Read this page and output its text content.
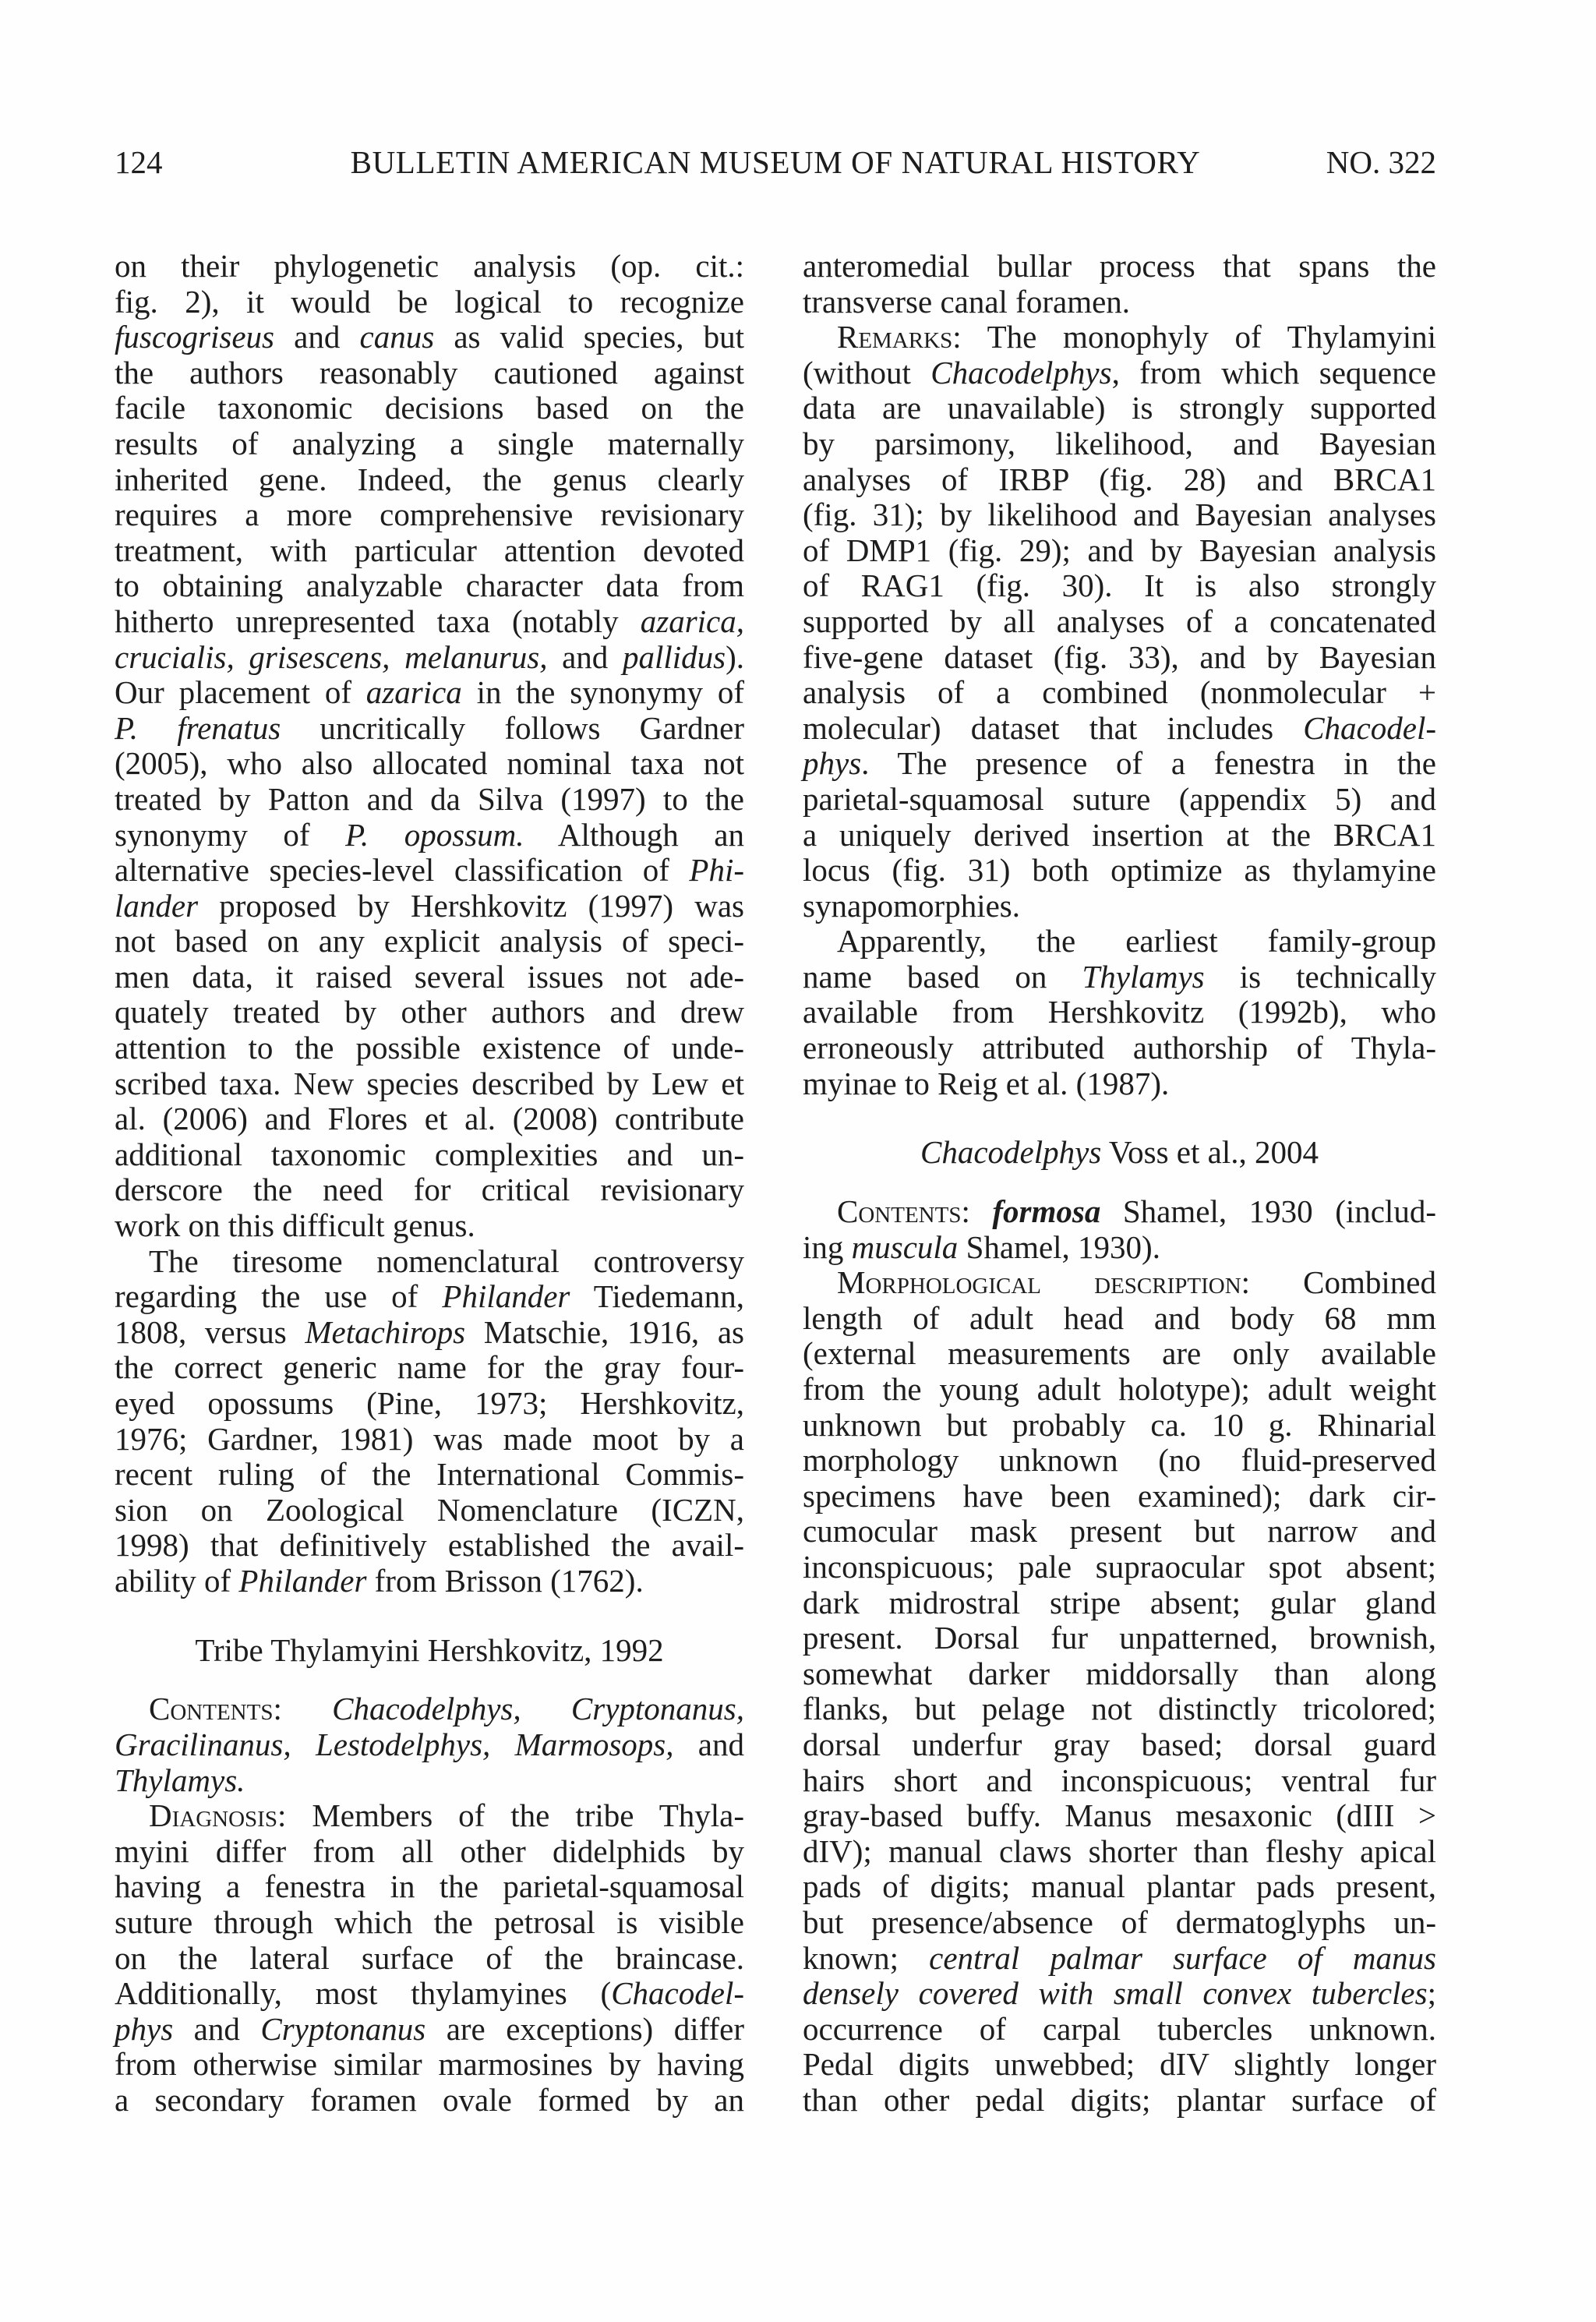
124	BULLETIN AMERICAN MUSEUM OF NATURAL HISTORY	NO. 322
on their phylogenetic analysis (op. cit.:
fig. 2), it would be logical to recognize
fuscogriseus and canus as valid species, but
the authors reasonably cautioned against
facile taxonomic decisions based on the
results of analyzing a single maternally
inherited gene. Indeed, the genus clearly
requires a more comprehensive revisionary
treatment, with particular attention devoted
to obtaining analyzable character data from
hitherto unrepresented taxa (notably azarica,
crucialis, grisescens, melanurus, and pallidus).
Our placement of azarica in the synonymy of
P. frenatus uncritically follows Gardner
(2005), who also allocated nominal taxa not
treated by Patton and da Silva (1997) to the
synonymy of P. opossum. Although an
alternative species-level classification of Phi-
lander proposed by Hershkovitz (1997) was
not based on any explicit analysis of speci-
men data, it raised several issues not ade-
quately treated by other authors and drew
attention to the possible existence of unde-
scribed taxa. New species described by Lew et
al. (2006) and Flores et al. (2008) contribute
additional taxonomic complexities and un-
derscore the need for critical revisionary
work on this difficult genus.
The tiresome nomenclatural controversy
regarding the use of Philander Tiedemann,
1808, versus Metachirops Matschie, 1916, as
the correct generic name for the gray four-
eyed opossums (Pine, 1973; Hershkovitz,
1976; Gardner, 1981) was made moot by a
recent ruling of the International Commis-
sion on Zoological Nomenclature (ICZN,
1998) that definitively established the avail-
ability of Philander from Brisson (1762).
Tribe Thylamyini Hershkovitz, 1992
Contents: Chacodelphys, Cryptonanus,
Gracilinanus, Lestodelphys, Marmosops, and
Thylamys.
Diagnosis: Members of the tribe Thyla-
myini differ from all other didelphids by
having a fenestra in the parietal-squamosal
suture through which the petrosal is visible
on the lateral surface of the braincase.
Additionally, most thylamyines (Chacodel-
phys and Cryptonanus are exceptions) differ
from otherwise similar marmosines by having
a secondary foramen ovale formed by an
anteromedial bullar process that spans the
transverse canal foramen.
Remarks: The monophyly of Thylamyini
(without Chacodelphys, from which sequence
data are unavailable) is strongly supported
by parsimony, likelihood, and Bayesian
analyses of IRBP (fig. 28) and BRCA1
(fig. 31); by likelihood and Bayesian analyses
of DMP1 (fig. 29); and by Bayesian analysis
of RAG1 (fig. 30). It is also strongly
supported by all analyses of a concatenated
five-gene dataset (fig. 33), and by Bayesian
analysis of a combined (nonmolecular +
molecular) dataset that includes Chacodel-
phys. The presence of a fenestra in the
parietal-squamosal suture (appendix 5) and
a uniquely derived insertion at the BRCA1
locus (fig. 31) both optimize as thylamyine
synapomorphies.
Apparently, the earliest family-group
name based on Thylamys is technically
available from Hershkovitz (1992b), who
erroneously attributed authorship of Thyla-
myinae to Reig et al. (1987).
Chacodelphys Voss et al., 2004
Contents: formosa Shamel, 1930 (includ-
ing muscula Shamel, 1930).
Morphological description: Combined
length of adult head and body 68 mm
(external measurements are only available
from the young adult holotype); adult weight
unknown but probably ca. 10 g. Rhinarial
morphology unknown (no fluid-preserved
specimens have been examined); dark cir-
cumocular mask present but narrow and
inconspicuous; pale supraocular spot absent;
dark midrostral stripe absent; gular gland
present. Dorsal fur unpatterned, brownish,
somewhat darker middorsally than along
flanks, but pelage not distinctly tricolored;
dorsal underfur gray based; dorsal guard
hairs short and inconspicuous; ventral fur
gray-based buffy. Manus mesaxonic (dIII >
dIV); manual claws shorter than fleshy apical
pads of digits; manual plantar pads present,
but presence/absence of dermatoglyphs un-
known; central palmar surface of manus
densely covered with small convex tubercles;
occurrence of carpal tubercles unknown.
Pedal digits unwebbed; dIV slightly longer
than other pedal digits; plantar surface of
